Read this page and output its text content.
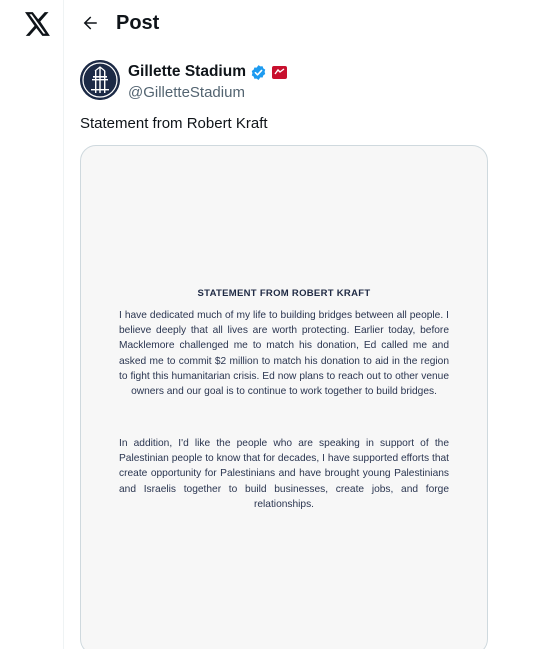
Post
Gillette Stadium
@GilletteStadium
Statement from Robert Kraft
STATEMENT FROM ROBERT KRAFT
I have dedicated much of my life to building bridges between all people. I believe deeply that all lives are worth protecting. Earlier today, before Macklemore challenged me to match his donation, Ed called me and asked me to commit $2 million to match his donation to aid in the region to fight this humanitarian crisis. Ed now plans to reach out to other venue owners and our goal is to continue to work together to build bridges.
In addition, I'd like the people who are speaking in support of the Palestinian people to know that for decades, I have supported efforts that create opportunity for Palestinians and have brought young Palestinians and Israelis together to build businesses, create jobs, and forge relationships.
